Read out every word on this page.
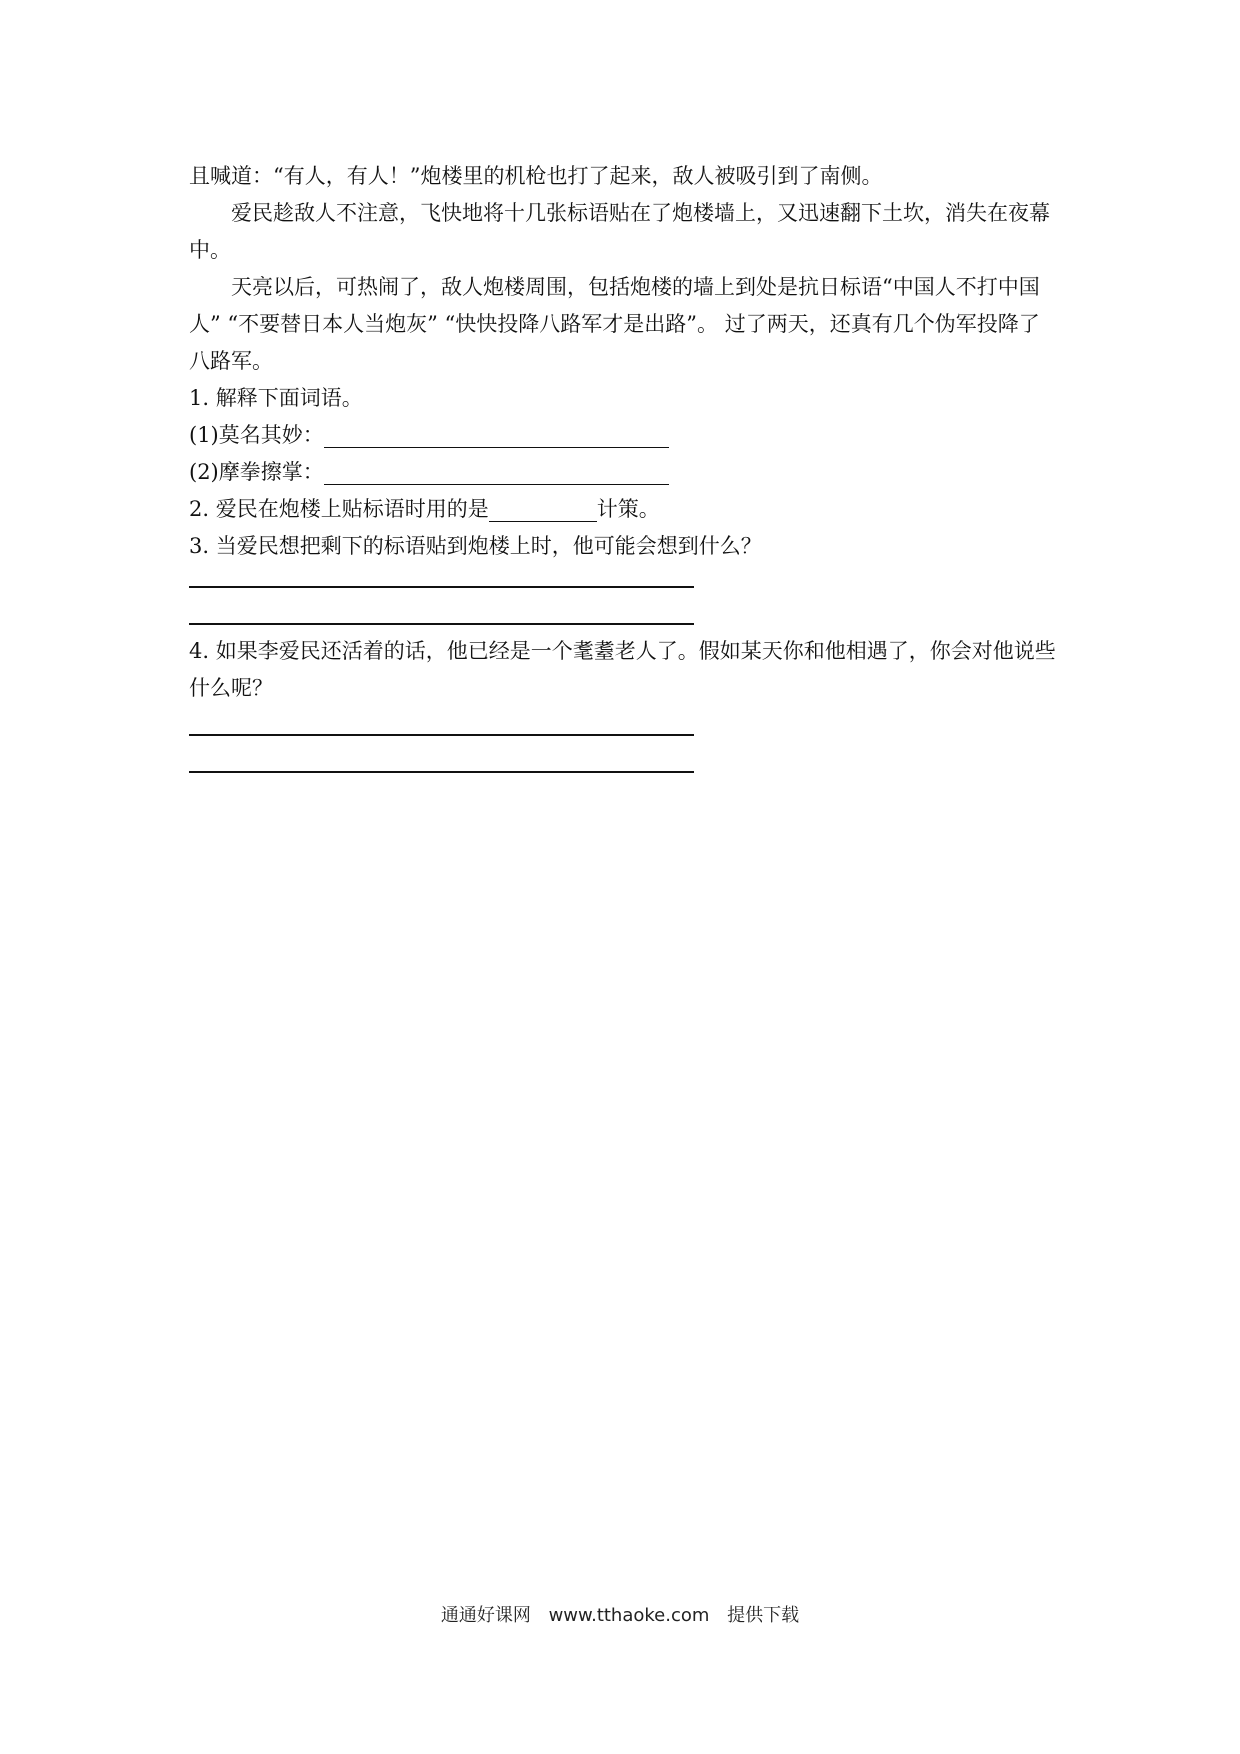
且喊道：“有人，有人！”炮楼里的机枪也打了起来，敌人被吸引到了南侧。

爱民趁敌人不注意，飞快地将十几张标语贴在了炮楼墙上，又迅速翻下土坎，消失在夜幕中。

天亮以后，可热闹了，敌人炮楼周围，包括炮楼的墙上到处是抗日标语“中国人不打中国人” “不要替日本人当炮灰” “快快投降八路军才是出路”。 过了两天，还真有几个伪军投降了八路军。

1. 解释下面词语。

(1)莫名其妙：

(2)摩拳擦掌：

2. 爱民在炮楼上贴标语时用的是	计策。

3. 当爱民想把剩下的标语贴到炮楼上时，他可能会想到什么？

4. 如果李爱民还活着的话，他已经是一个耄耋老人了。假如某天你和他相遇了，你会对他说些什么呢？

通通好课网 www.tthaoke.com 提供下载
